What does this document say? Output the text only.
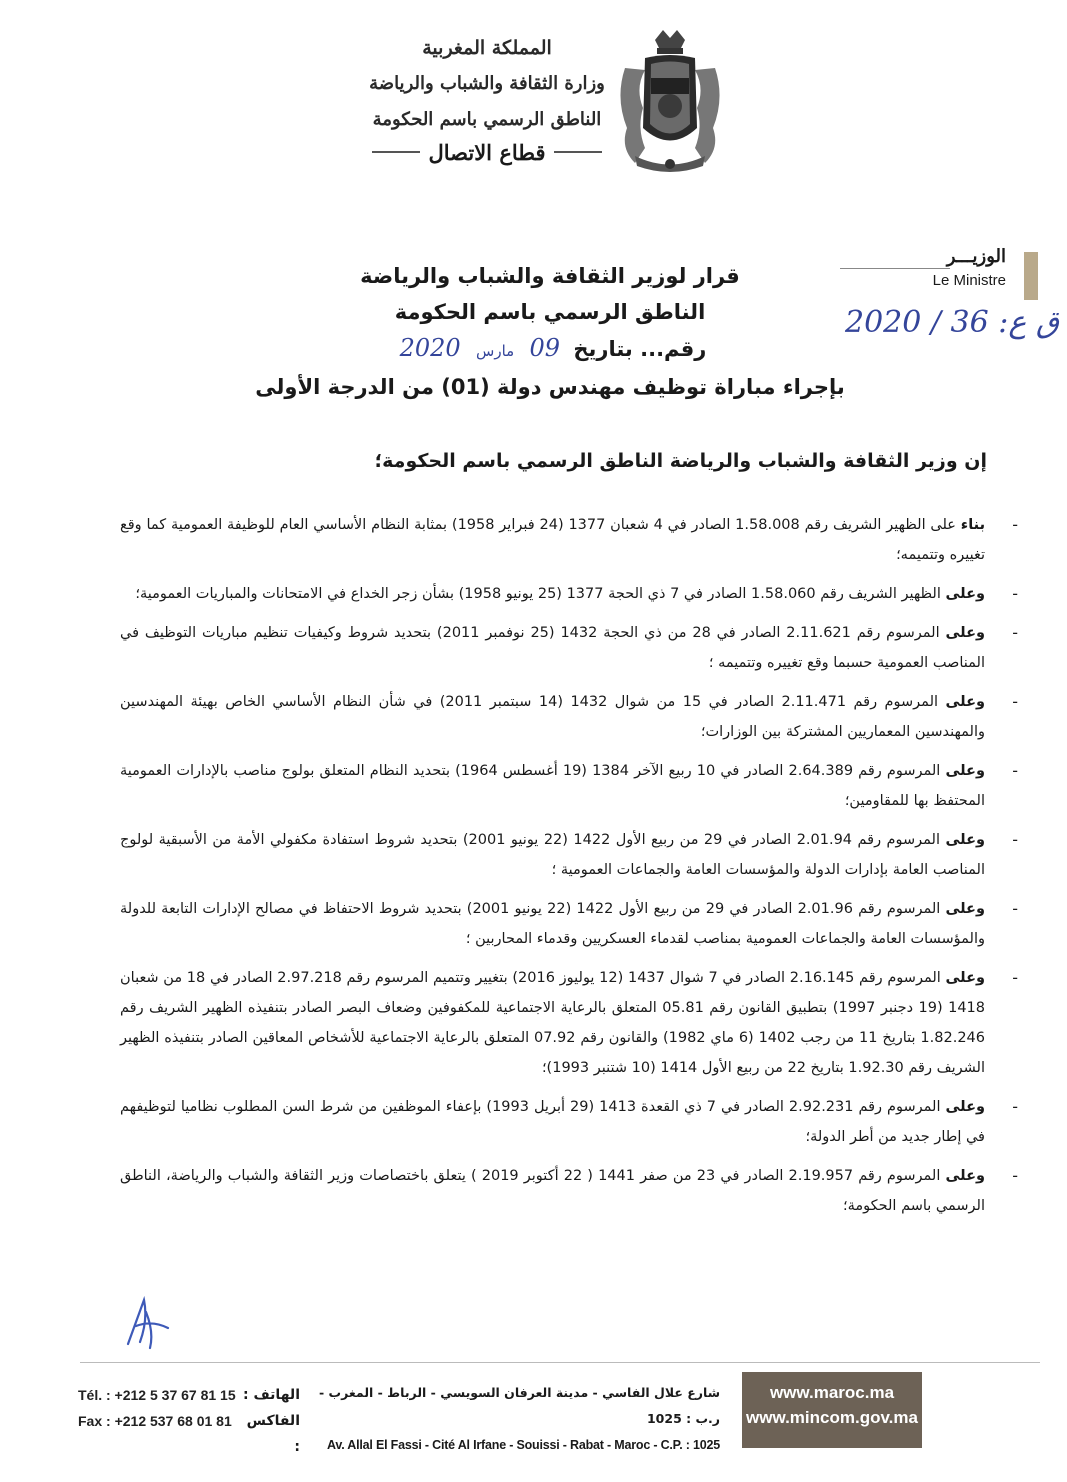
المملكة المغربية
وزارة الثقافة والشباب والرياضة
الناطق الرسمي باسم الحكومة
قطاع الاتصال
الوزيـــر
Le Ministre
ق ع: 36 / 2020
قرار لوزير الثقافة والشباب والرياضة
الناطق الرسمي باسم الحكومة
رقم... بتاريخ 09 مارس 2020
بإجراء مباراة توظيف مهندس دولة (01) من الدرجة الأولى
إن وزير الثقافة والشباب والرياضة الناطق الرسمي باسم الحكومة؛
-
بناء على الظهير الشريف رقم 1.58.008 الصادر في 4 شعبان 1377 (24 فبراير 1958) بمثابة النظام الأساسي العام للوظيفة العمومية كما وقع تغييره وتتميمه؛
-
وعلى الظهير الشريف رقم 1.58.060 الصادر في 7 ذي الحجة 1377 (25 يونيو 1958) بشأن زجر الخداع في الامتحانات والمباريات العمومية؛
-
وعلى المرسوم رقم 2.11.621 الصادر في 28 من ذي الحجة 1432 (25 نوفمبر 2011) بتحديد شروط وكيفيات تنظيم مباريات التوظيف في المناصب العمومية حسبما وقع تغييره وتتميمه ؛
-
وعلى المرسوم رقم 2.11.471 الصادر في 15 من شوال 1432 (14 سبتمبر 2011) في شأن النظام الأساسي الخاص بهيئة المهندسين والمهندسين المعماريين المشتركة بين الوزارات؛
-
وعلى المرسوم رقم 2.64.389 الصادر في 10 ربيع الآخر 1384 (19 أغسطس 1964) بتحديد النظام المتعلق بولوج مناصب بالإدارات العمومية المحتفظ بها للمقاومين؛
-
وعلى المرسوم رقم 2.01.94 الصادر في 29 من ربيع الأول 1422 (22 يونيو 2001) بتحديد شروط استفادة مكفولي الأمة من الأسبقية لولوج المناصب العامة بإدارات الدولة والمؤسسات العامة والجماعات العمومية ؛
-
وعلى المرسوم رقم 2.01.96 الصادر في 29 من ربيع الأول 1422 (22 يونيو 2001) بتحديد شروط الاحتفاظ في مصالح الإدارات التابعة للدولة والمؤسسات العامة والجماعات العمومية بمناصب لقدماء العسكريين وقدماء المحاربين ؛
-
وعلى المرسوم رقم 2.16.145 الصادر في 7 شوال 1437 (12 يوليوز 2016) بتغيير وتتميم المرسوم رقم 2.97.218 الصادر في 18 من شعبان 1418 (19 دجنبر 1997) بتطبيق القانون رقم 05.81 المتعلق بالرعاية الاجتماعية للمكفوفين وضعاف البصر الصادر بتنفيذه الظهير الشريف رقم 1.82.246 بتاريخ 11 من رجب 1402 (6 ماي 1982) والقانون رقم 07.92 المتعلق بالرعاية الاجتماعية للأشخاص المعاقين الصادر بتنفيذه الظهير الشريف رقم 1.92.30 بتاريخ 22 من ربيع الأول 1414 (10 شتنبر 1993)؛
-
وعلى المرسوم رقم 2.92.231 الصادر في 7 ذي القعدة 1413 (29 أبريل 1993) بإعفاء الموظفين من شرط السن المطلوب نظاميا لتوظيفهم في إطار جديد من أطر الدولة؛
-
وعلى المرسوم رقم 2.19.957 الصادر في 23 من صفر 1441 ( 22 أكتوبر 2019 ) يتعلق باختصاصات وزير الثقافة والشباب والرياضة، الناطق الرسمي باسم الحكومة؛
Tél. : +212 5 37 67 81 15
Fax : +212 537 68 01 81
الهاتف :
الفاكس :
شارع علال الفاسي - مدينة العرفان السويسي - الرباط - المغرب - ر.ب : 1025
Av. Allal El Fassi - Cité Al Irfane - Souissi - Rabat - Maroc - C.P. : 1025
www.maroc.ma
www.mincom.gov.ma
